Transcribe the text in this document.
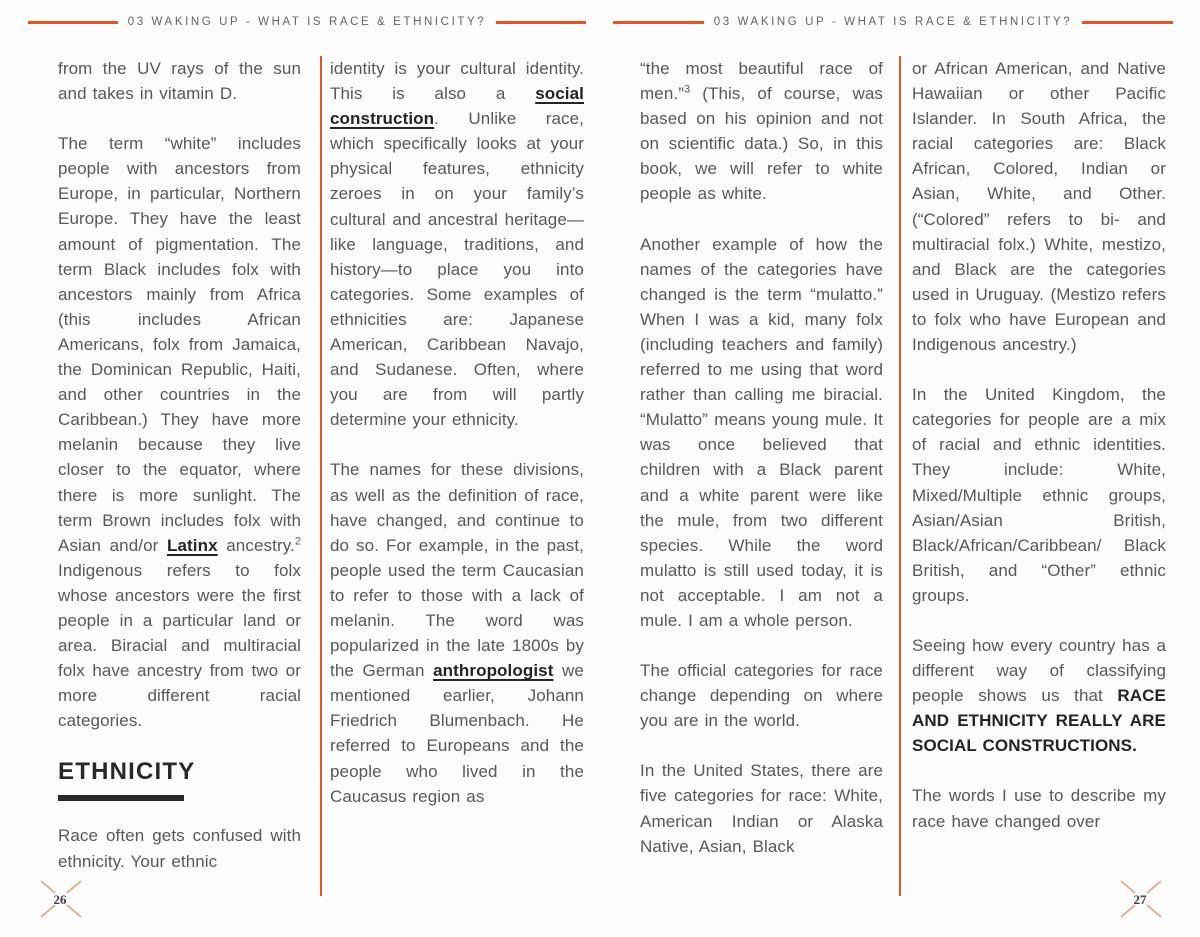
03 WAKING UP - WHAT IS RACE & ETHNICITY?	03 WAKING UP - WHAT IS RACE & ETHNICITY?

from the UV rays of the sun and takes in vitamin D.

The term “white” includes people with ancestors from Europe, in particular, Northern Europe. They have the least amount of pigmentation. The term Black includes folx with ancestors mainly from Africa (this includes African Americans, folx from Jamaica, the Dominican Republic, Haiti, and other countries in the Caribbean.) They have more melanin because they live closer to the equator, where there is more sunlight. The term Brown includes folx with Asian and/or Latinx ancestry.$^2$ Indigenous refers to folx whose ancestors were the first people in a particular land or area. Biracial and multiracial folx have ancestry from two or more different racial categories.

ETHNICITY

Race often gets confused with ethnicity. Your ethnic

identity is your cultural identity. This is also a social construction. Unlike race, which specifically looks at your physical features, ethnicity zeroes in on your family’s cultural and ancestral heritage—like language, traditions, and history—to place you into categories. Some examples of ethnicities are: Japanese American, Caribbean Navajo, and Sudanese. Often, where you are from will partly determine your ethnicity.

The names for these divisions, as well as the definition of race, have changed, and continue to do so. For example, in the past, people used the term Caucasian to refer to those with a lack of melanin. The word was popularized in the late 1800s by the German anthropologist we mentioned earlier, Johann Friedrich Blumenbach. He referred to Europeans and the people who lived in the Caucasus region as

“the most beautiful race of men.”$^3$ (This, of course, was based on his opinion and not on scientific data.) So, in this book, we will refer to white people as white.

Another example of how the names of the categories have changed is the term “mulatto.” When I was a kid, many folx (including teachers and family) referred to me using that word rather than calling me biracial. “Mulatto” means young mule. It was once believed that children with a Black parent and a white parent were like the mule, from two different species. While the word mulatto is still used today, it is not acceptable. I am not a mule. I am a whole person.

The official categories for race change depending on where you are in the world.

In the United States, there are five categories for race: White, American Indian or Alaska Native, Asian, Black

or African American, and Native Hawaiian or other Pacific Islander. In South Africa, the racial categories are: Black African, Colored, Indian or Asian, White, and Other. (“Colored” refers to bi- and multiracial folx.) White, mestizo, and Black are the categories used in Uruguay. (Mestizo refers to folx who have European and Indigenous ancestry.)

In the United Kingdom, the categories for people are a mix of racial and ethnic identities. They include: White, Mixed/Multiple ethnic groups, Asian/Asian British, Black/African/Caribbean/ Black British, and “Other” ethnic groups.

Seeing how every country has a different way of classifying people shows us that RACE AND ETHNICITY REALLY ARE SOCIAL CONSTRUCTIONS.

The words I use to describe my race have changed over

26	27
